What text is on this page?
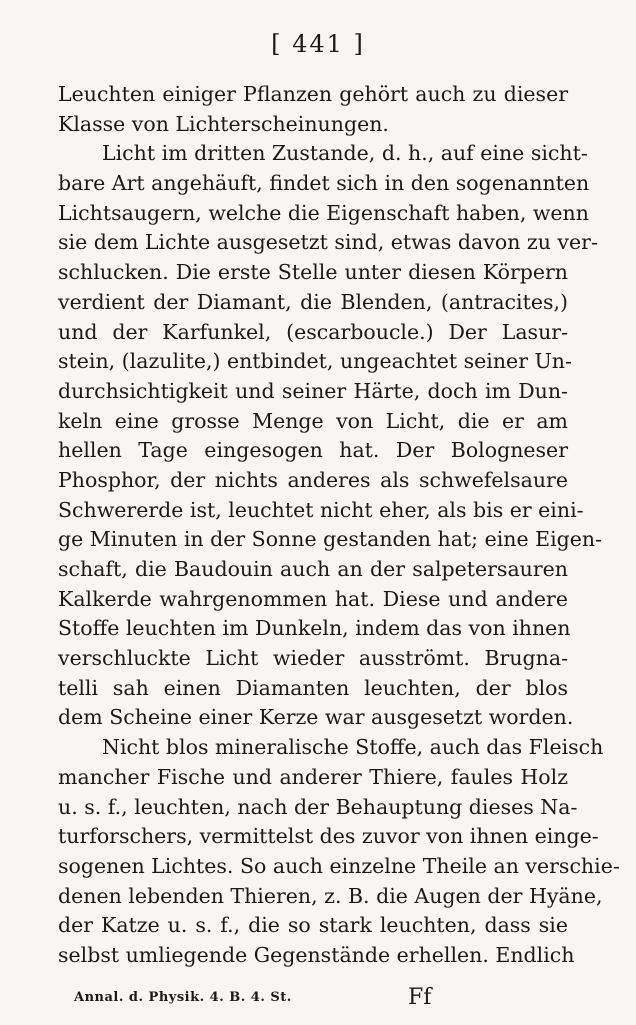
[ 441 ]
Leuchten einiger Pflanzen gehört auch zu dieser
Klasse von Lichterscheinungen.
Licht im dritten Zustande, d. h., auf eine sicht-
bare Art angehäuft, findet sich in den sogenannten
Lichtsaugern, welche die Eigenschaft haben, wenn
sie dem Lichte ausgesetzt sind, etwas davon zu ver-
schlucken. Die erste Stelle unter diesen Körpern
verdient der Diamant, die Blenden, (antracites,)
und der Karfunkel, (escarboucle.) Der Lasur-
stein, (lazulite,) entbindet, ungeachtet seiner Un-
durchsichtigkeit und seiner Härte, doch im Dun-
keln eine grosse Menge von Licht, die er am
hellen Tage eingesogen hat. Der Bologneser
Phosphor, der nichts anderes als schwefelsaure
Schwererde ist, leuchtet nicht eher, als bis er eini-
ge Minuten in der Sonne gestanden hat; eine Eigen-
schaft, die Baudouin auch an der salpetersauren
Kalkerde wahrgenommen hat. Diese und andere
Stoffe leuchten im Dunkeln, indem das von ihnen
verschluckte Licht wieder ausströmt. Brugna-
telli sah einen Diamanten leuchten, der blos
dem Scheine einer Kerze war ausgesetzt worden.
Nicht blos mineralische Stoffe, auch das Fleisch
mancher Fische und anderer Thiere, faules Holz
u. s. f., leuchten, nach der Behauptung dieses Na-
turforschers, vermittelst des zuvor von ihnen einge-
sogenen Lichtes. So auch einzelne Theile an verschie-
denen lebenden Thieren, z. B. die Augen der Hyäne,
der Katze u. s. f., die so stark leuchten, dass sie
selbst umliegende Gegenstände erhellen. Endlich
Annal. d. Physik. 4. B. 4. St.	Ff
